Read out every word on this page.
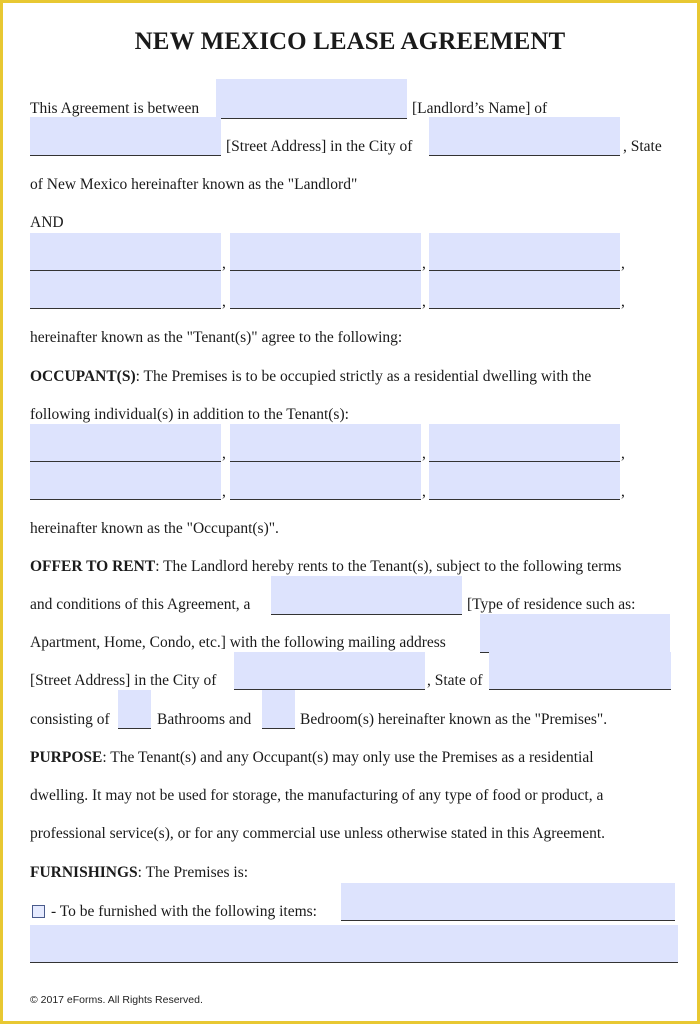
NEW MEXICO LEASE AGREEMENT
This Agreement is between	[Landlord’s Name] of
[Street Address] in the City of	, State
of New Mexico hereinafter known as the "Landlord"
AND
,	,	,
,	,	,
hereinafter known as the "Tenant(s)" agree to the following:
OCCUPANT(S): The Premises is to be occupied strictly as a residential dwelling with the
following individual(s) in addition to the Tenant(s):
,	,	,
,	,	,
hereinafter known as the "Occupant(s)".
OFFER TO RENT: The Landlord hereby rents to the Tenant(s), subject to the following terms
and conditions of this Agreement, a	[Type of residence such as:
Apartment, Home, Condo, etc.] with the following mailing address
[Street Address] in the City of	, State of
consisting of	Bathrooms and	Bedroom(s) hereinafter known as the "Premises".
PURPOSE: The Tenant(s) and any Occupant(s) may only use the Premises as a residential
dwelling. It may not be used for storage, the manufacturing of any type of food or product, a
professional service(s), or for any commercial use unless otherwise stated in this Agreement.
FURNISHINGS: The Premises is:
- To be furnished with the following items:
© 2017 eForms. All Rights Reserved.
